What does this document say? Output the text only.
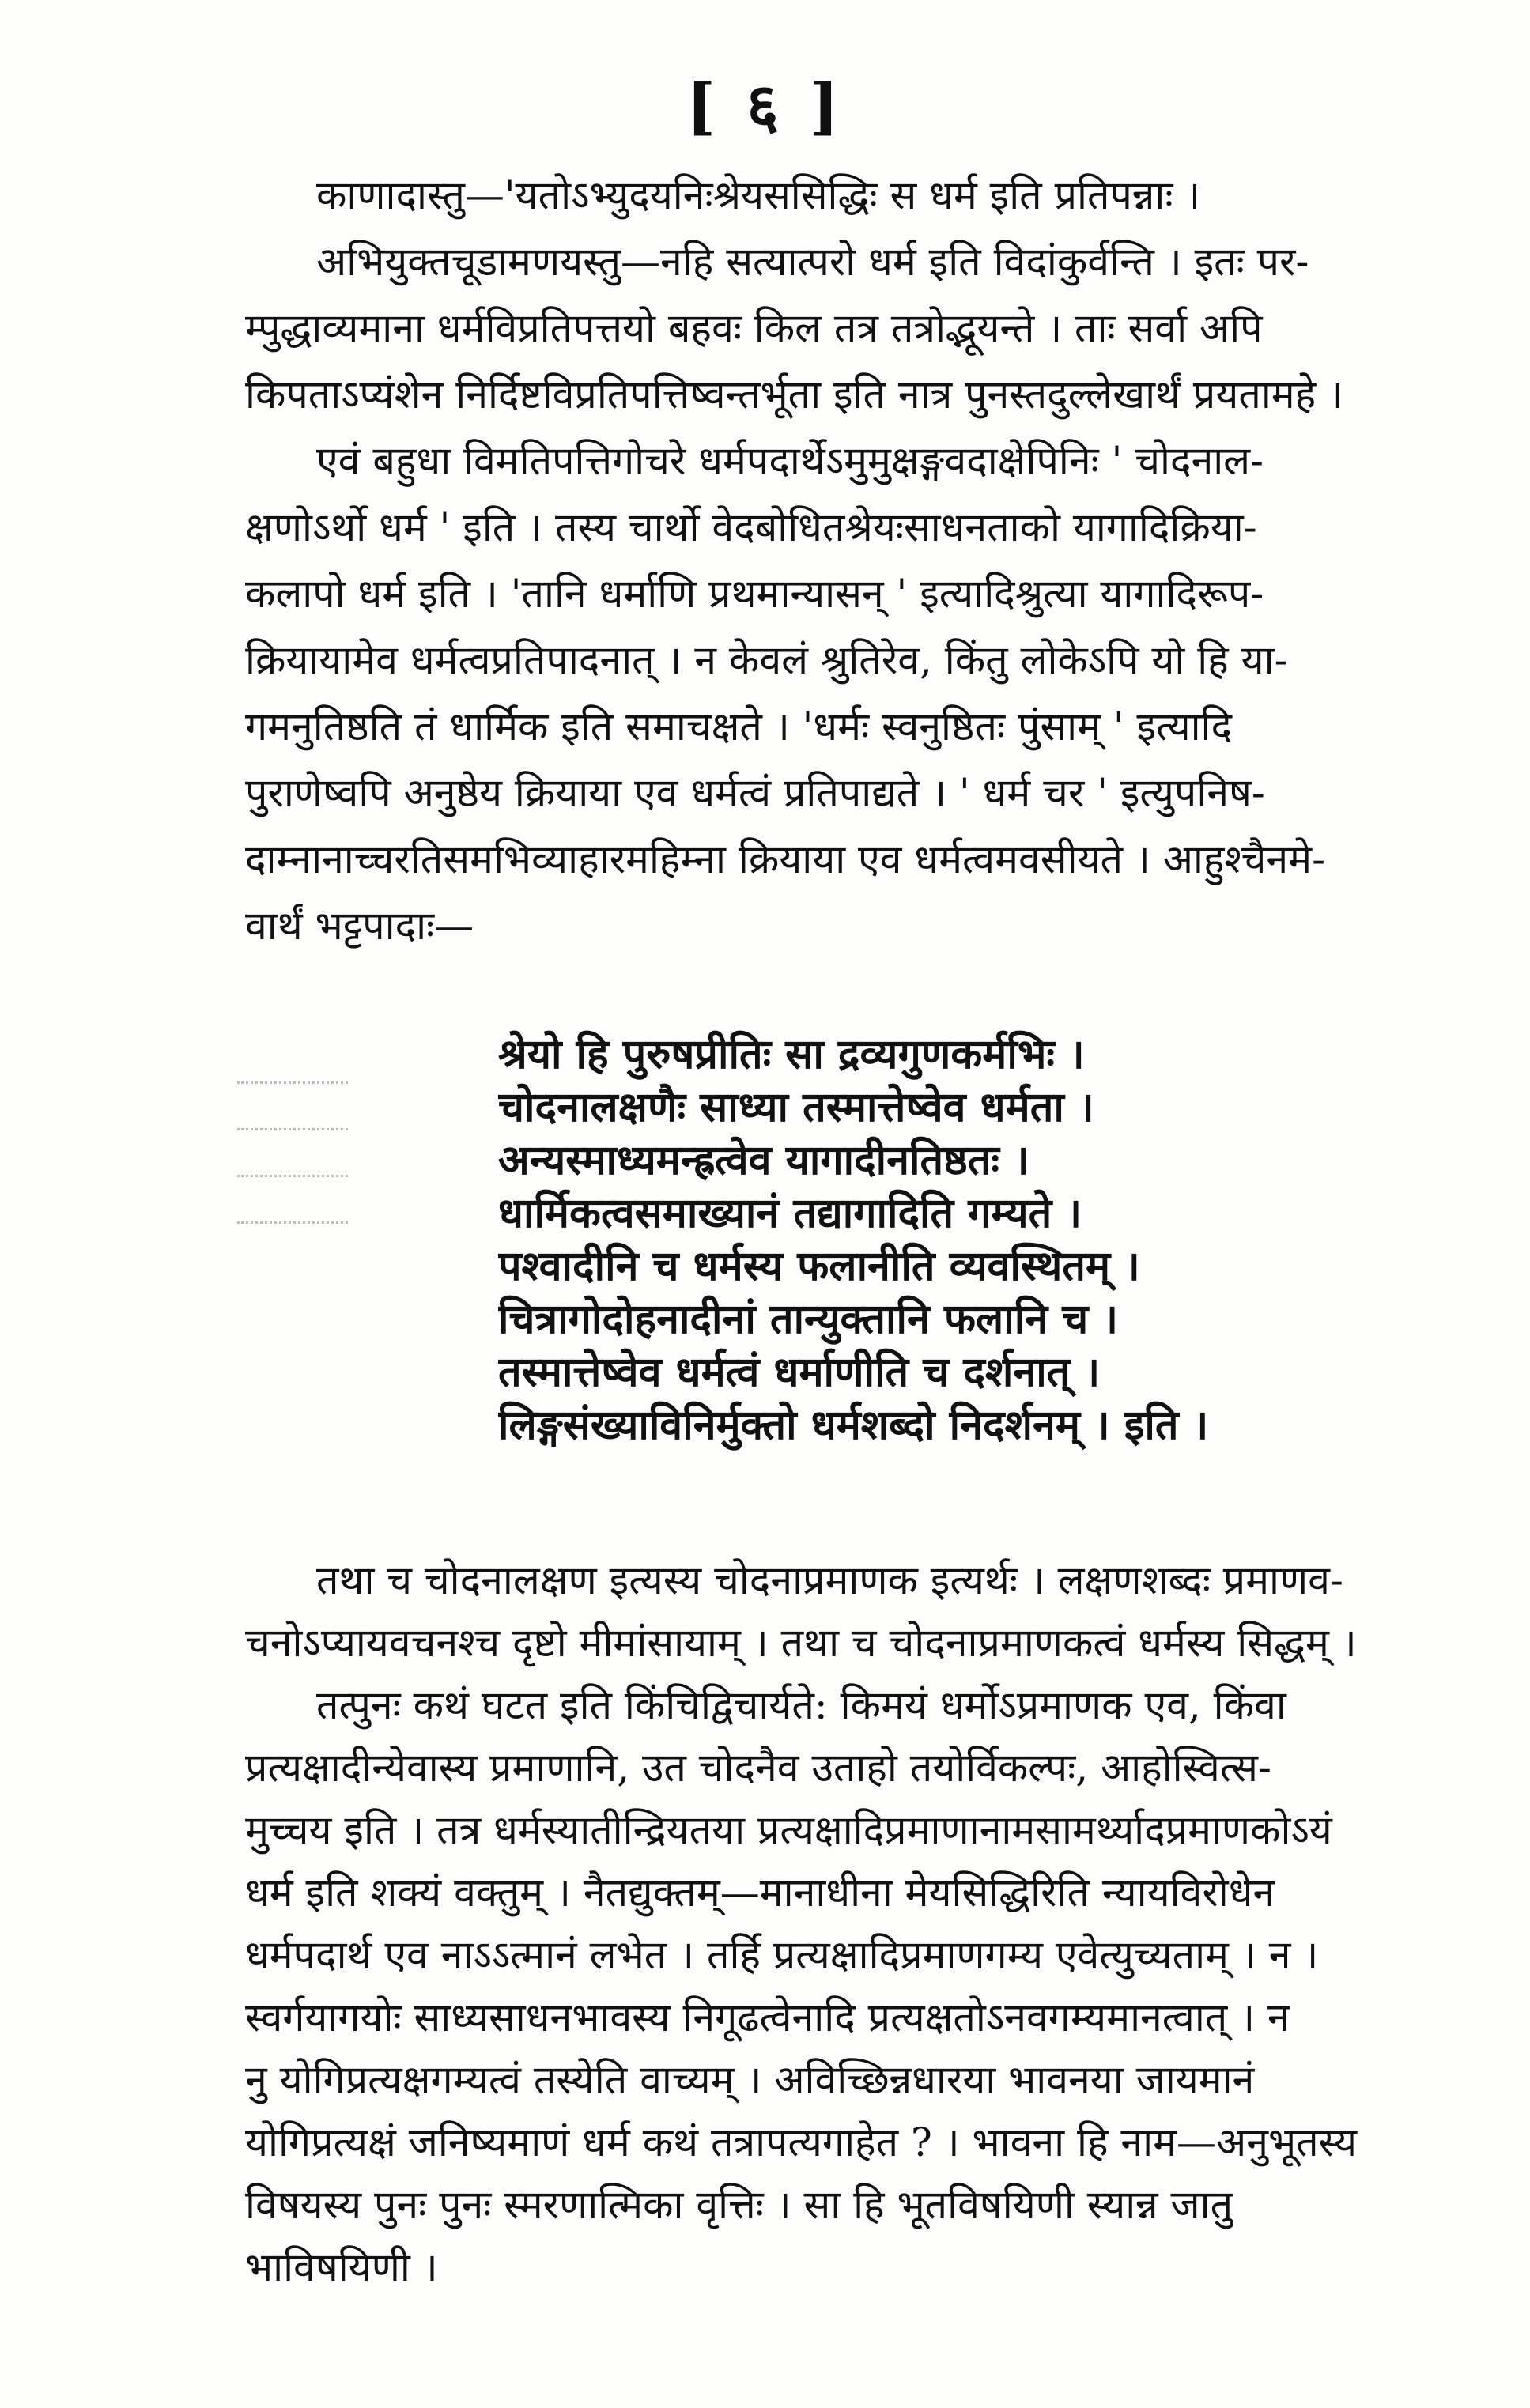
[ ६ ]
काणादास्तु—'यतोऽभ्युदयनिःश्रेयससिद्धिः स धर्म इति प्रतिपन्नाः ।
अभियुक्तचूडामणयस्तु—नहि सत्यात्परो धर्म इति विदांकुर्वन्ति । इतः पर-
म्पुद्धाव्यमाना धर्मविप्रतिपत्तयो बहवः किल तत्र तत्रोद्भूयन्ते । ताः सर्वा अपि
किपताऽप्यंशेन निर्दिष्टविप्रतिपत्तिष्वन्तर्भूता इति नात्र पुनस्तदुल्लेखार्थं प्रयतामहे ।
एवं बहुधा विमतिपत्तिगोचरे धर्मपदार्थेऽमुमुक्षङ्गवदाक्षेपिनिः ' चोदनाल-
क्षणोऽर्थो धर्म ' इति । तस्य चार्थो वेदबोधितश्रेयःसाधनताको यागादिक्रिया-
कलापो धर्म इति । 'तानि धर्माणि प्रथमान्यासन् ' इत्यादिश्रुत्या यागादिरूप-
क्रियायामेव धर्मत्वप्रतिपादनात् । न केवलं श्रुतिरेव, किंतु लोकेऽपि यो हि या-
गमनुतिष्ठति तं धार्मिक इति समाचक्षते । 'धर्मः स्वनुष्ठितः पुंसाम् ' इत्यादि
पुराणेष्वपि अनुष्ठेय क्रियाया एव धर्मत्वं प्रतिपाद्यते । ' धर्म चर ' इत्युपनिष-
दाम्नानाच्चरतिसमभिव्याहारमहिम्ना क्रियाया एव धर्मत्वमवसीयते । आहुश्चैनमे-
वार्थं भट्टपादाः—
श्रेयो हि पुरुषप्रीतिः सा द्रव्यगुणकर्मभिः ।
चोदनालक्षणैः साध्या तस्मात्तेष्वेव धर्मता ।
अन्यस्माध्यमन्ह्रत्वेव यागादीनतिष्ठतः ।
धार्मिकत्वसमाख्यानं तद्यागादिति गम्यते ।
पश्वादीनि च धर्मस्य फलानीति व्यवस्थितम् ।
चित्रागोदोहनादीनां तान्युक्तानि फलानि च ।
तस्मात्तेष्वेव धर्मत्वं धर्माणीति च दर्शनात् ।
लिङ्गसंख्याविनिर्मुक्तो धर्मशब्दो निदर्शनम् । इति ।
तथा च चोदनालक्षण इत्यस्य चोदनाप्रमाणक इत्यर्थः । लक्षणशब्दः प्रमाणव-
चनोऽप्यायवचनश्च दृष्टो मीमांसायाम् । तथा च चोदनाप्रमाणकत्वं धर्मस्य सिद्धम् ।
तत्पुनः कथं घटत इति किंचिद्विचार्यते: किमयं धर्मोऽप्रमाणक एव, किंवा
प्रत्यक्षादीन्येवास्य प्रमाणानि, उत चोदनैव उताहो तयोर्विकल्पः, आहोस्वित्स-
मुच्चय इति । तत्र धर्मस्यातीन्द्रियतया प्रत्यक्षादिप्रमाणानामसामर्थ्यादप्रमाणकोऽयं
धर्म इति शक्यं वक्तुम् । नैतद्युक्तम्—मानाधीना मेयसिद्धिरिति न्यायविरोधेन
धर्मपदार्थ एव नाऽऽत्मानं लभेत । तर्हि प्रत्यक्षादिप्रमाणगम्य एवेत्युच्यताम् । न ।
स्वर्गयागयोः साध्यसाधनभावस्य निगूढत्वेनादि प्रत्यक्षतोऽनवगम्यमानत्वात् । न
नु योगिप्रत्यक्षगम्यत्वं तस्येति वाच्यम् । अविच्छिन्नधारया भावनया जायमानं
योगिप्रत्यक्षं जनिष्यमाणं धर्म कथं तत्रापत्यगाहेत ? । भावना हि नाम—अनुभूतस्य
विषयस्य पुनः पुनः स्मरणात्मिका वृत्तिः । सा हि भूतविषयिणी स्यान्न जातु
भाविषयिणी ।
